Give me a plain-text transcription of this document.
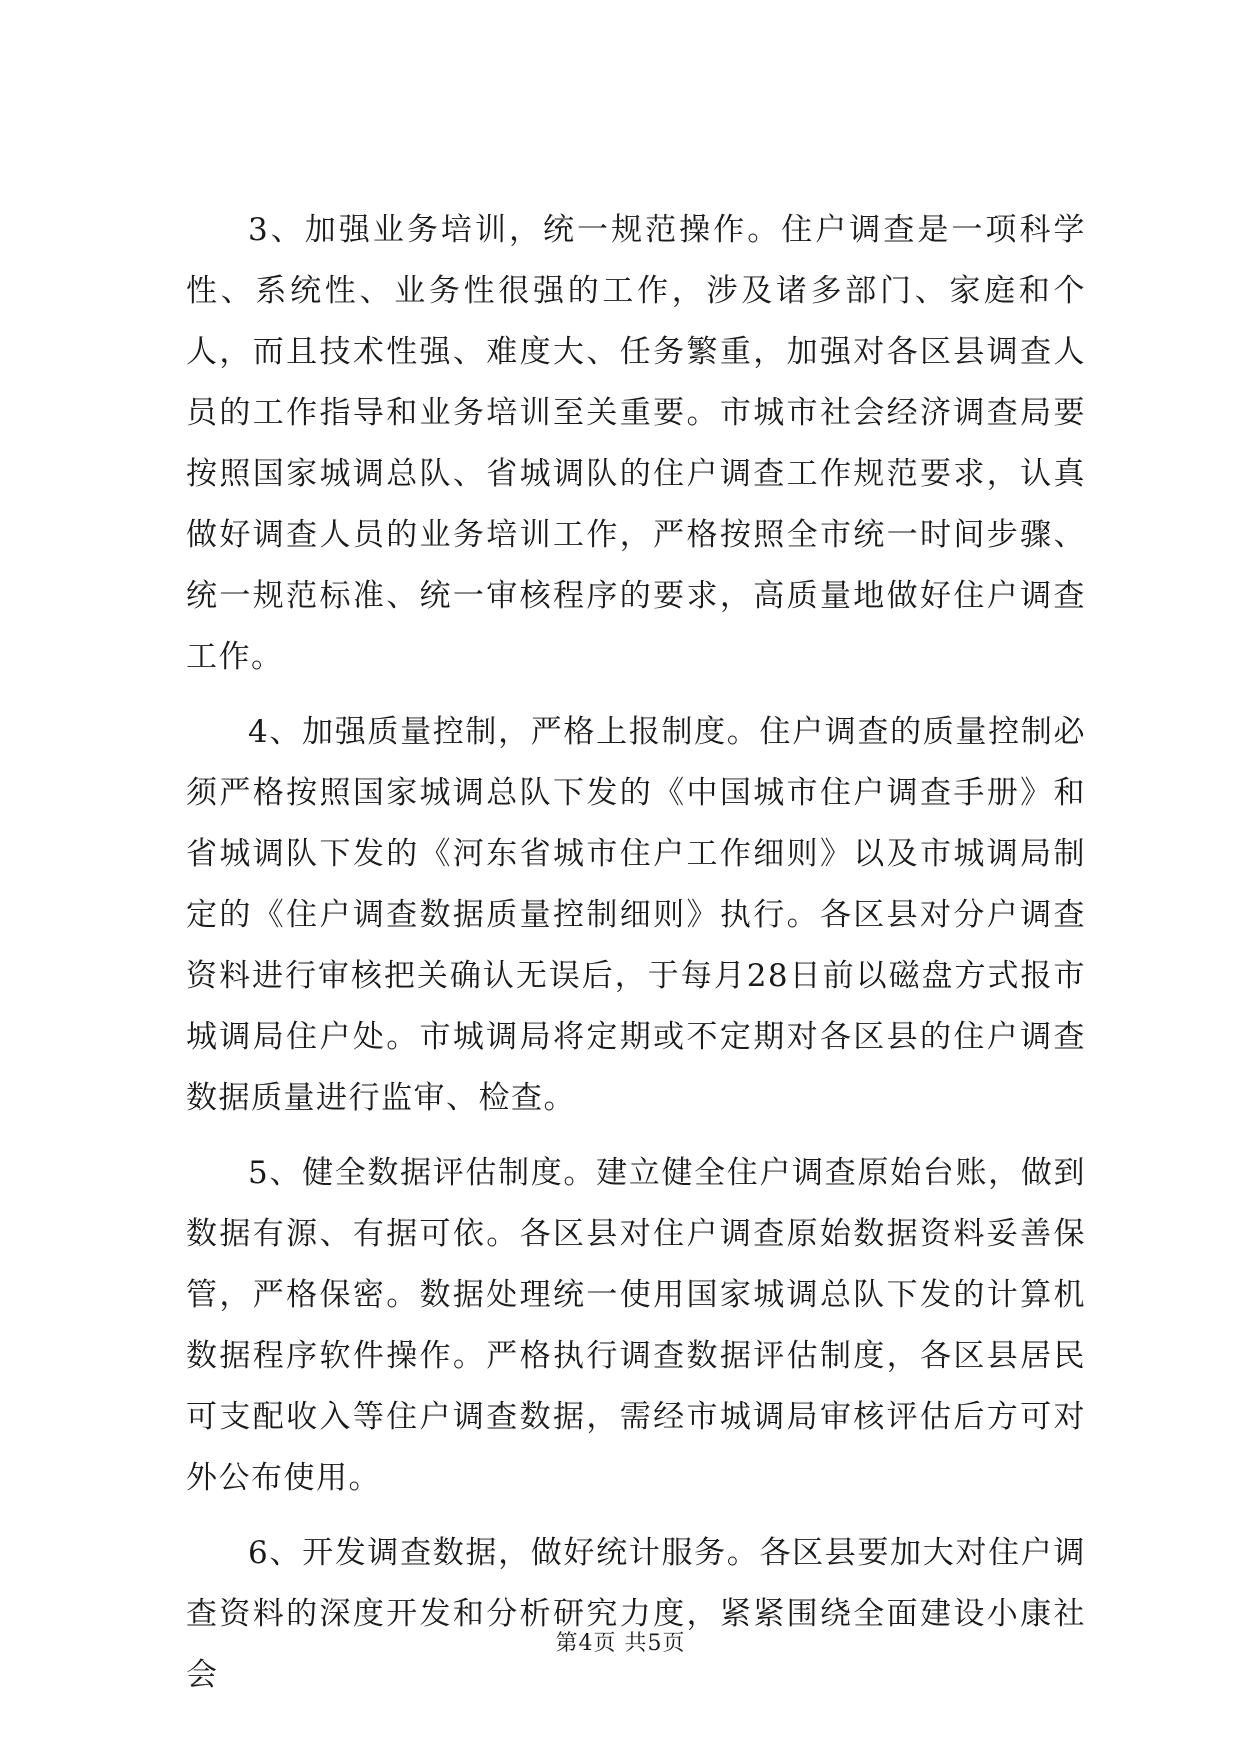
3、加强业务培训，统一规范操作。住户调查是一项科学性、系统性、业务性很强的工作，涉及诸多部门、家庭和个人，而且技术性强、难度大、任务繁重，加强对各区县调查人员的工作指导和业务培训至关重要。市城市社会经济调查局要按照国家城调总队、省城调队的住户调查工作规范要求，认真做好调查人员的业务培训工作，严格按照全市统一时间步骤、统一规范标准、统一审核程序的要求，高质量地做好住户调查工作。

4、加强质量控制，严格上报制度。住户调查的质量控制必须严格按照国家城调总队下发的《中国城市住户调查手册》和省城调队下发的《河东省城市住户工作细则》以及市城调局制定的《住户调查数据质量控制细则》执行。各区县对分户调查资料进行审核把关确认无误后，于每月28日前以磁盘方式报市城调局住户处。市城调局将定期或不定期对各区县的住户调查数据质量进行监审、检查。

5、健全数据评估制度。建立健全住户调查原始台账，做到数据有源、有据可依。各区县对住户调查原始数据资料妥善保管，严格保密。数据处理统一使用国家城调总队下发的计算机数据程序软件操作。严格执行调查数据评估制度，各区县居民可支配收入等住户调查数据，需经市城调局审核评估后方可对外公布使用。

6、开发调查数据，做好统计服务。各区县要加大对住户调查资料的深度开发和分析研究力度，紧紧围绕全面建设小康社会

第4页 共5页
